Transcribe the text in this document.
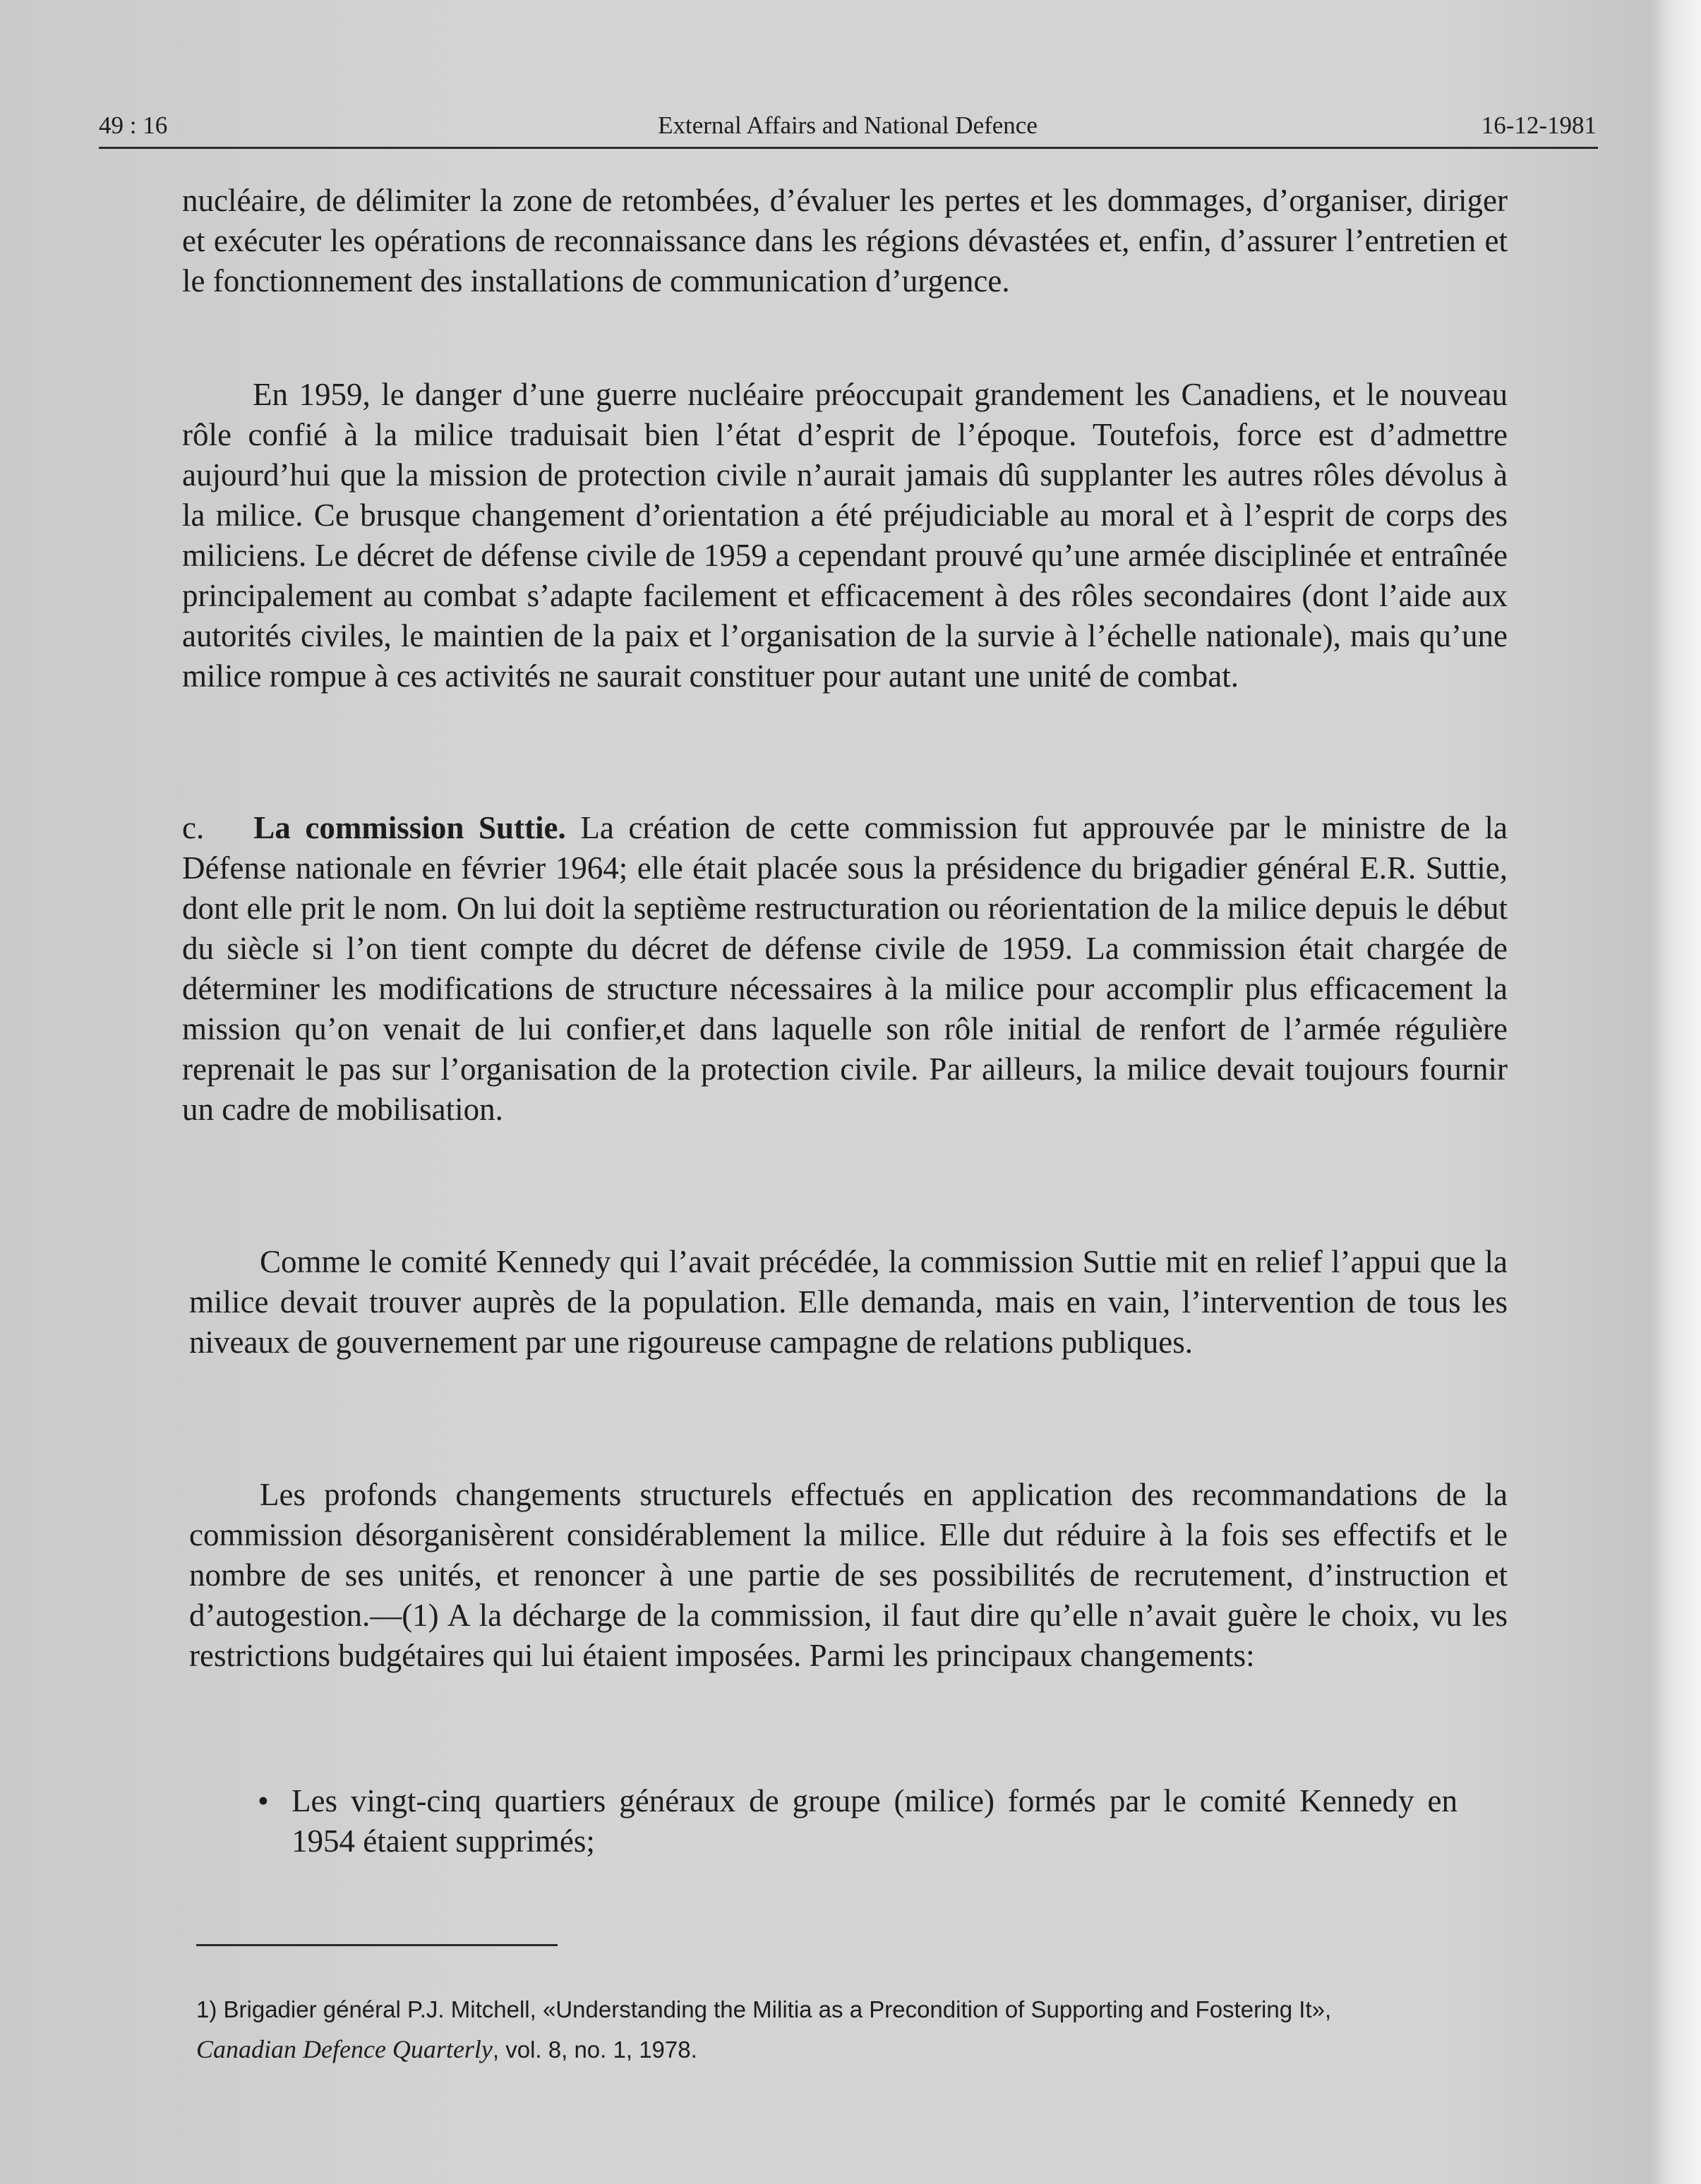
49 : 16	External Affairs and National Defence	16-12-1981

nucléaire, de délimiter la zone de retombées, d’évaluer les pertes et les dommages, d’organiser, diriger et exécuter les opérations de reconnaissance dans les régions dévastées et, enfin, d’assurer l’entretien et le fonctionnement des installations de communication d’urgence.

En 1959, le danger d’une guerre nucléaire préoccupait grandement les Canadiens, et le nouveau rôle confié à la milice traduisait bien l’état d’esprit de l’époque. Toutefois, force est d’admettre aujourd’hui que la mission de protection civile n’aurait jamais dû supplanter les autres rôles dévolus à la milice. Ce brusque changement d’orientation a été préjudiciable au moral et à l’esprit de corps des miliciens. Le décret de défense civile de 1959 a cependant prouvé qu’une armée disciplinée et entraînée principalement au combat s’adapte facilement et efficacement à des rôles secondaires (dont l’aide aux autorités civiles, le maintien de la paix et l’organisation de la survie à l’échelle nationale), mais qu’une milice rompue à ces activités ne saurait constituer pour autant une unité de combat.

c. La commission Suttie. La création de cette commission fut approuvée par le ministre de la Défense nationale en février 1964; elle était placée sous la présidence du brigadier général E.R. Suttie, dont elle prit le nom. On lui doit la septième restructuration ou réorientation de la milice depuis le début du siècle si l’on tient compte du décret de défense civile de 1959. La commission était chargée de déterminer les modifications de structure nécessaires à la milice pour accomplir plus efficacement la mission qu’on venait de lui confier,et dans laquelle son rôle initial de renfort de l’armée régulière reprenait le pas sur l’organisation de la protection civile. Par ailleurs, la milice devait toujours fournir un cadre de mobilisation.

Comme le comité Kennedy qui l’avait précédée, la commission Suttie mit en relief l’appui que la milice devait trouver auprès de la population. Elle demanda, mais en vain, l’intervention de tous les niveaux de gouvernement par une rigoureuse campagne de relations publiques.

Les profonds changements structurels effectués en application des recommandations de la commission désorganisèrent considérablement la milice. Elle dut réduire à la fois ses effectifs et le nombre de ses unités, et renoncer à une partie de ses possibilités de recrutement, d’instruction et d’autogestion.—(1) A la décharge de la commission, il faut dire qu’elle n’avait guère le choix, vu les restrictions budgétaires qui lui étaient imposées. Parmi les principaux changements:

• Les vingt-cinq quartiers généraux de groupe (milice) formés par le comité Kennedy en 1954 étaient supprimés;

1) Brigadier général P.J. Mitchell, «Understanding the Militia as a Precondition of Supporting and Fostering It»,

Canadian Defence Quarterly, vol. 8, no. 1, 1978.
